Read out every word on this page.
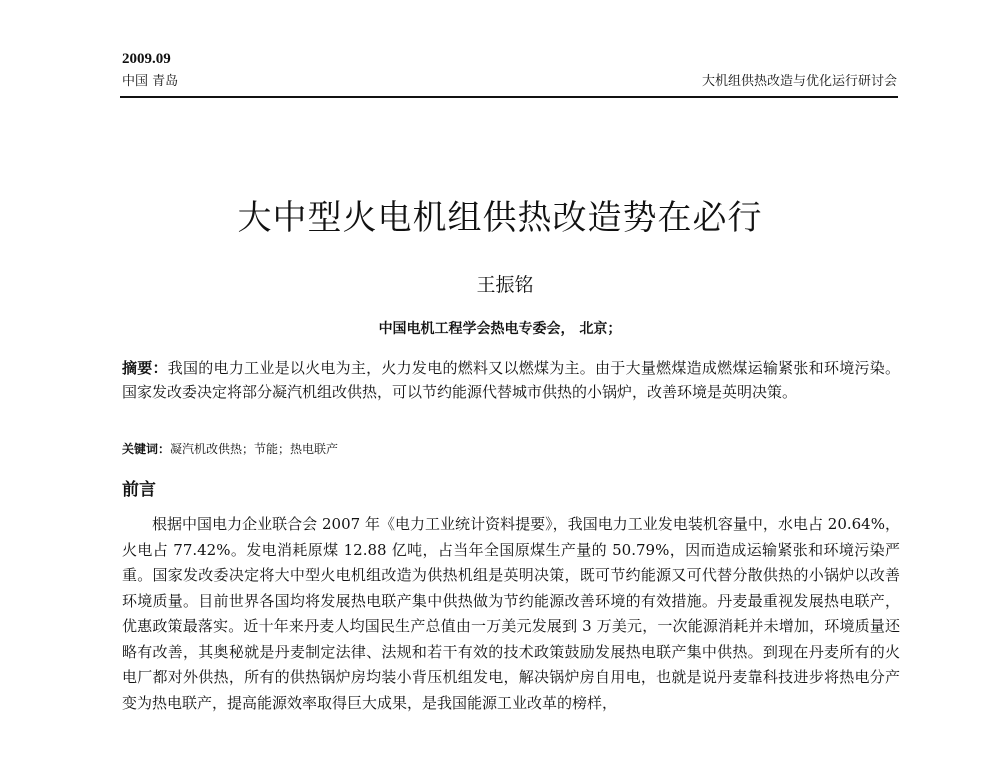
2009.09
中国 青岛	大机组供热改造与优化运行研讨会
大中型火电机组供热改造势在必行
王振铭
中国电机工程学会热电专委会， 北京；

摘要：我国的电力工业是以火电为主，火力发电的燃料又以燃煤为主。由于大量燃煤造成燃煤运输紧张和环境污染。国家发改委决定将部分凝汽机组改供热，可以节约能源代替城市供热的小锅炉，改善环境是英明决策。

关键词：凝汽机改供热；节能；热电联产

前言

根据中国电力企业联合会 2007 年《电力工业统计资料提要》，我国电力工业发电装机容量中，水电占 20.64%，火电占 77.42%。发电消耗原煤 12.88 亿吨，占当年全国原煤生产量的 50.79%，因而造成运输紧张和环境污染严重。国家发改委决定将大中型火电机组改造为供热机组是英明决策，既可节约能源又可代替分散供热的小锅炉以改善环境质量。目前世界各国均将发展热电联产集中供热做为节约能源改善环境的有效措施。丹麦最重视发展热电联产，优惠政策最落实。近十年来丹麦人均国民生产总值由一万美元发展到 3 万美元，一次能源消耗并未增加，环境质量还略有改善，其奥秘就是丹麦制定法律、法规和若干有效的技术政策鼓励发展热电联产集中供热。到现在丹麦所有的火电厂都对外供热，所有的供热锅炉房均装小背压机组发电，解决锅炉房自用电，也就是说丹麦靠科技进步将热电分产变为热电联产，提高能源效率取得巨大成果，是我国能源工业改革的榜样，
